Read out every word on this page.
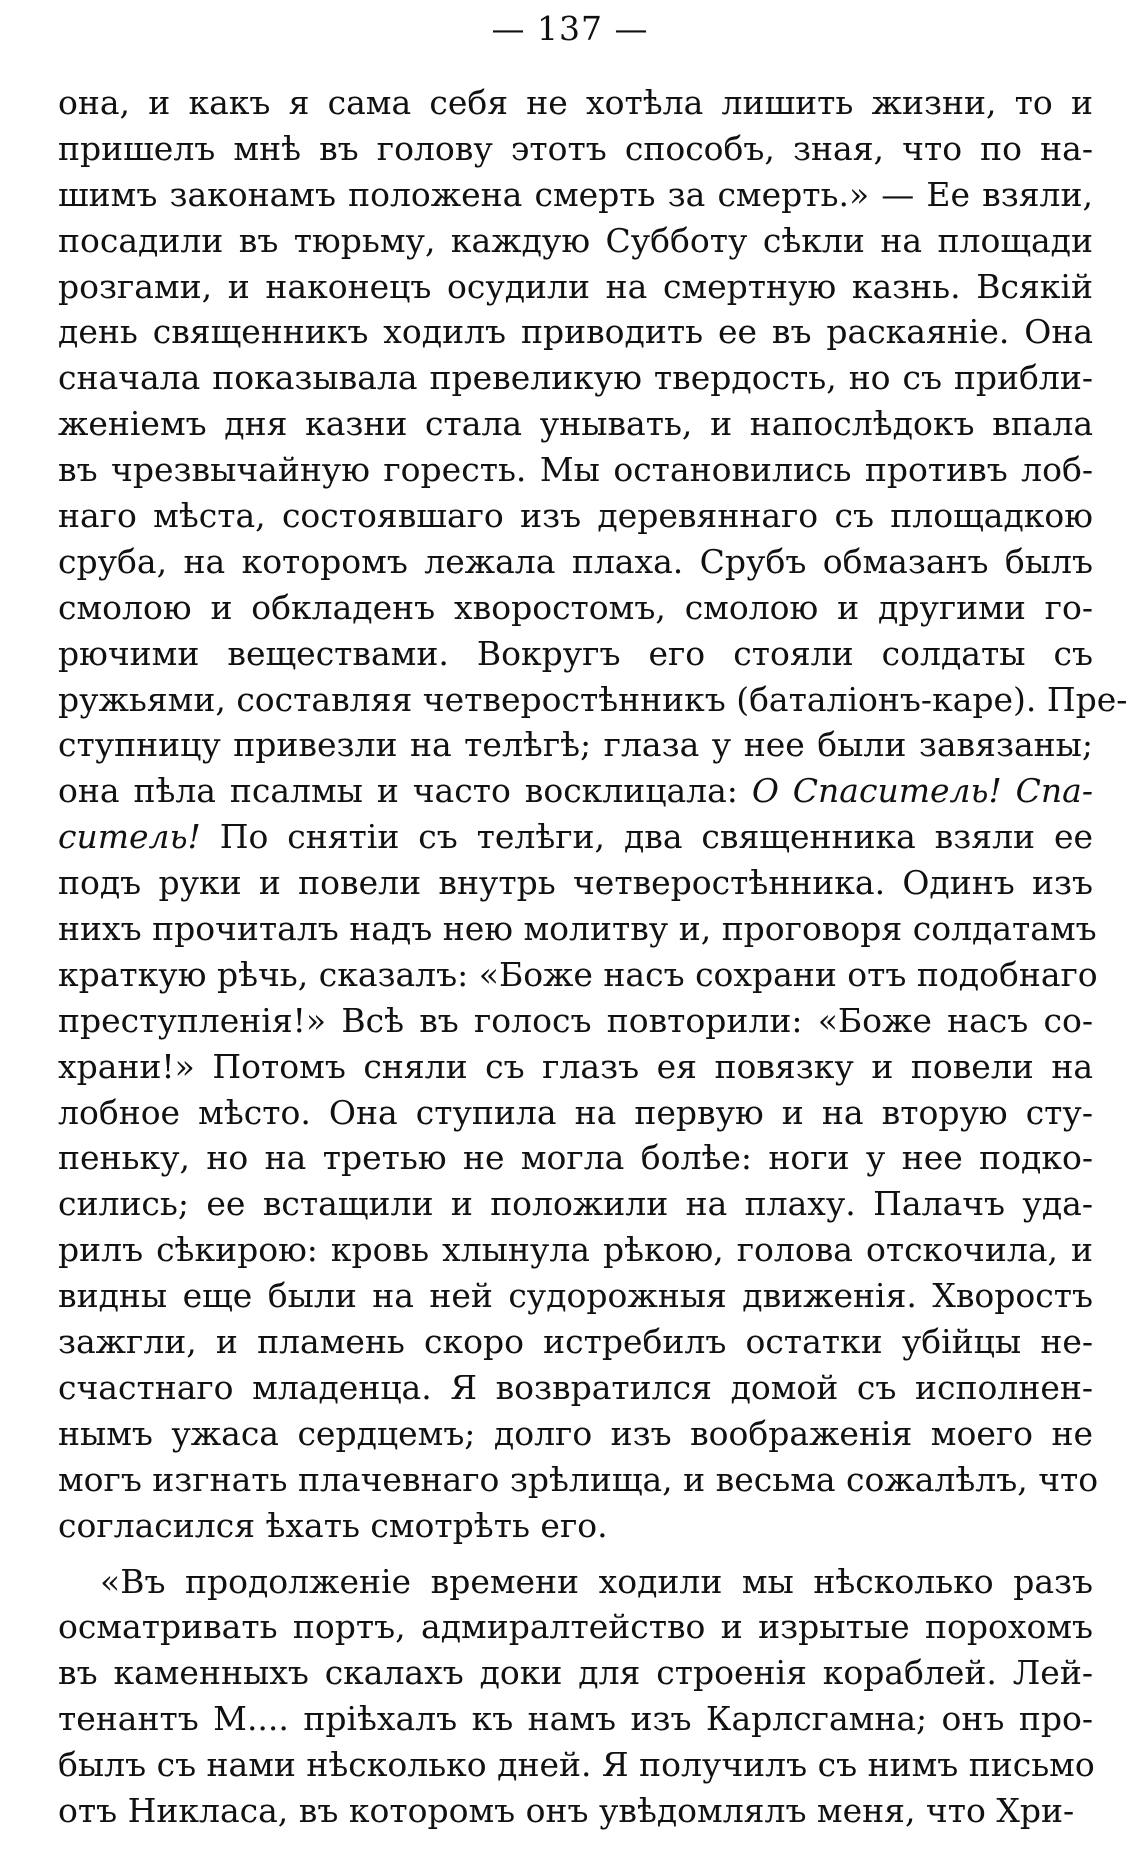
— 137 —
она, и какъ я сама себя не хотѣла лишить жизни, то и
пришелъ мнѣ въ голову этотъ способъ, зная, что по на-
шимъ законамъ положена смерть за смерть.» — Ее взяли,
посадили въ тюрьму, каждую Субботу сѣкли на площади
розгами, и наконецъ осудили на смертную казнь. Всякій
день священникъ ходилъ приводить ее въ раскаяніе. Она
сначала показывала превеликую твердость, но съ прибли-
женіемъ дня казни стала унывать, и напослѣдокъ впала
въ чрезвычайную горесть. Мы остановились противъ лоб-
наго мѣста, состоявшаго изъ деревяннаго съ площадкою
сруба, на которомъ лежала плаха. Срубъ обмазанъ былъ
смолою и обкладенъ хворостомъ, смолою и другими го-
рючими веществами. Вокругъ его стояли солдаты съ
ружьями, составляя четверостѣнникъ (баталіонъ-каре). Пре-
ступницу привезли на телѣгѣ; глаза у нее были завязаны;
она пѣла псалмы и часто восклицала: О Спаситель! Спа-
ситель! По снятіи съ телѣги, два священника взяли ее
подъ руки и повели внутрь четверостѣнника. Одинъ изъ
нихъ прочиталъ надъ нею молитву и, проговоря солдатамъ
краткую рѣчь, сказалъ: «Боже насъ сохрани отъ подобнаго
преступленія!» Всѣ въ голосъ повторили: «Боже насъ со-
храни!» Потомъ сняли съ глазъ ея повязку и повели на
лобное мѣсто. Она ступила на первую и на вторую сту-
пеньку, но на третью не могла болѣе: ноги у нее подко-
сились; ее встащили и положили на плаху. Палачъ уда-
рилъ сѣкирою: кровь хлынула рѣкою, голова отскочила, и
видны еще были на ней судорожныя движенія. Хворостъ
зажгли, и пламень скоро истребилъ остатки убійцы не-
счастнаго младенца. Я возвратился домой съ исполнен-
нымъ ужаса сердцемъ; долго изъ воображенія моего не
могъ изгнать плачевнаго зрѣлища, и весьма сожалѣлъ, что
согласился ѣхать смотрѣть его.
«Въ продолженіе времени ходили мы нѣсколько разъ
осматривать портъ, адмиралтейство и изрытые порохомъ
въ каменныхъ скалахъ доки для строенія кораблей. Лей-
тенантъ М.... пріѣхалъ къ намъ изъ Карлсгамна; онъ про-
былъ съ нами нѣсколько дней. Я получилъ съ нимъ письмо
отъ Никласа, въ которомъ онъ увѣдомлялъ меня, что Хри-
